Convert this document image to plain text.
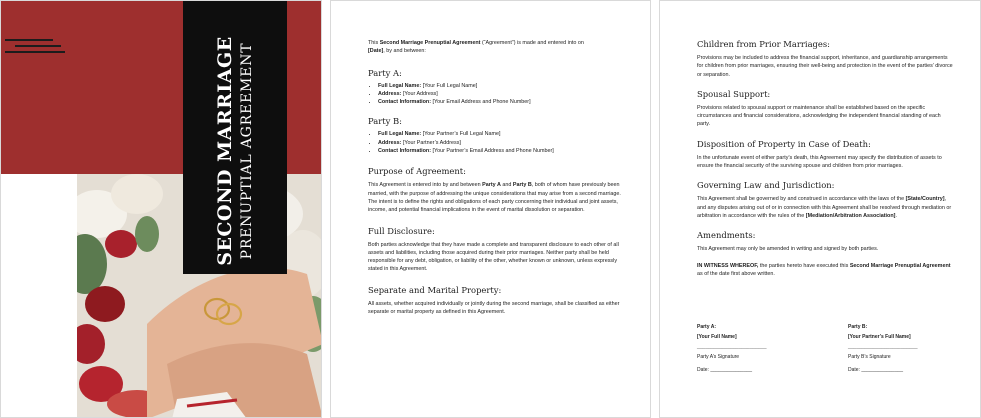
SECOND MARRIAGE PRENUPTIAL AGREEMENT	This Second Marriage Prenuptial Agreement (“Agreement”) is made and entered into on
[Date], by and between:

Party A:

• Full Legal Name: [Your Full Legal Name]
• Address: [Your Address]
• Contact Information: [Your Email Address and Phone Number]

Party B:

• Full Legal Name: [Your Partner’s Full Legal Name]
• Address: [Your Partner’s Address]
• Contact Information: [Your Partner’s Email Address and Phone Number]

Purpose of Agreement:

This Agreement is entered into by and between Party A and Party B, both of whom have previously been married, with the purpose of addressing the unique considerations that may arise from a second marriage. The intent is to define the rights and obligations of each party concerning their individual and joint assets, income, and potential financial implications in the event of marital dissolution or separation.

Full Disclosure:

Both parties acknowledge that they have made a complete and transparent disclosure to each other of all assets and liabilities, including those acquired during their prior marriages. Neither party shall be held responsible for any debt, obligation, or liability of the other, whether known or unknown, unless expressly stated in this Agreement.

Separate and Marital Property:

All assets, whether acquired individually or jointly during the second marriage, shall be classified as either separate or marital property as defined in this Agreement.

Children from Prior Marriages:

Provisions may be included to address the financial support, inheritance, and guardianship arrangements for children from prior marriages, ensuring their well-being and protection in the event of the parties’ divorce or separation.

Spousal Support:

Provisions related to spousal support or maintenance shall be established based on the specific circumstances and financial considerations, acknowledging the independent financial standing of each party.

Disposition of Property in Case of Death:

In the unfortunate event of either party’s death, this Agreement may specify the distribution of assets to ensure the financial security of the surviving spouse and children from prior marriages.

Governing Law and Jurisdiction:

This Agreement shall be governed by and construed in accordance with the laws of the [State/Country], and any disputes arising out of or in connection with this Agreement shall be resolved through mediation or arbitration in accordance with the rules of the [Mediation/Arbitration Association].

Amendments:

This Agreement may only be amended in writing and signed by both parties.

IN WITNESS WHEREOF, the parties hereto have executed this Second Marriage Prenuptial Agreement as of the date first above written.

Party A:
[Your Full Name]
_________________________
Party A’s Signature
Date: _______________
Party B:
[Your Partner’s Full Name]
_________________________
Party B’s Signature
Date: _______________
